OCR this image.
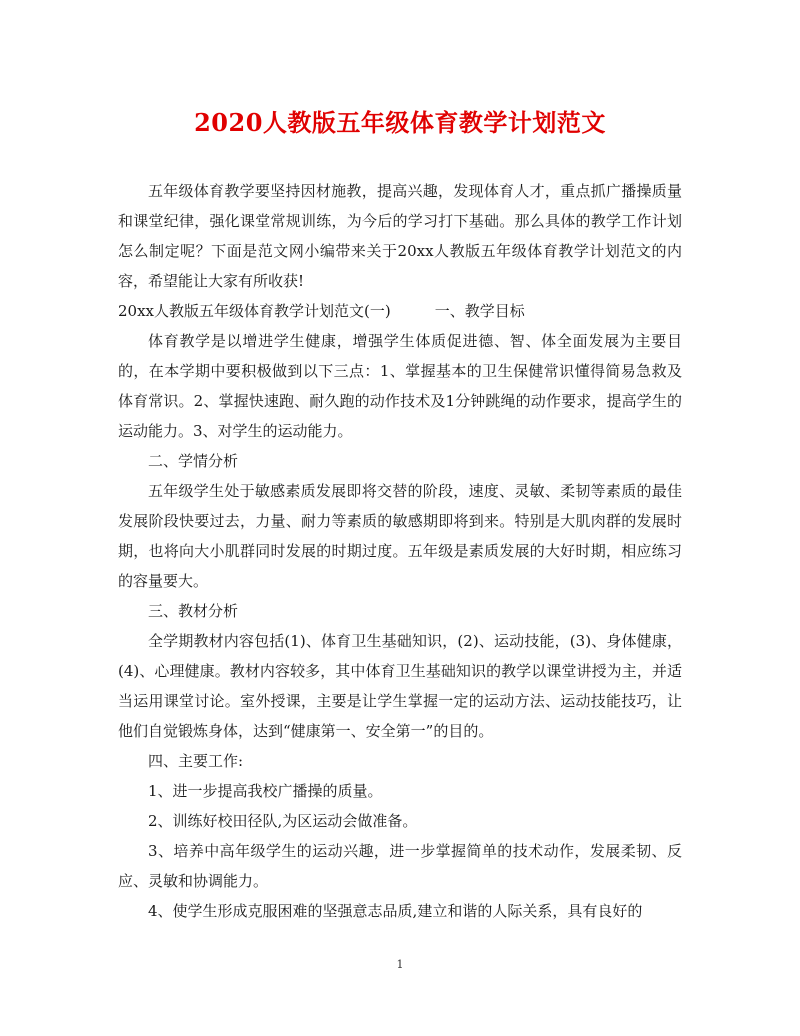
2020人教版五年级体育教学计划范文

五年级体育教学要坚持因材施教，提高兴趣，发现体育人才，重点抓广播操质量和课堂纪律，强化课堂常规训练，为今后的学习打下基础。那么具体的教学工作计划怎么制定呢？下面是范文网小编带来关于20xx人教版五年级体育教学计划范文的内容，希望能让大家有所收获!

20xx人教版五年级体育教学计划范文(一)	一、教学目标

体育教学是以增进学生健康，增强学生体质促进德、智、体全面发展为主要目的，在本学期中要积极做到以下三点：1、掌握基本的卫生保健常识懂得简易急救及体育常识。2、掌握快速跑、耐久跑的动作技术及1分钟跳绳的动作要求，提高学生的运动能力。3、对学生的运动能力。

二、学情分析

五年级学生处于敏感素质发展即将交替的阶段，速度、灵敏、柔韧等素质的最佳发展阶段快要过去，力量、耐力等素质的敏感期即将到来。特别是大肌肉群的发展时期，也将向大小肌群同时发展的时期过度。五年级是素质发展的大好时期，相应练习的容量要大。

三、教材分析

全学期教材内容包括(1)、体育卫生基础知识，(2)、运动技能，(3)、身体健康，(4)、心理健康。教材内容较多，其中体育卫生基础知识的教学以课堂讲授为主，并适当运用课堂讨论。室外授课，主要是让学生掌握一定的运动方法、运动技能技巧，让他们自觉锻炼身体，达到“健康第一、安全第一”的目的。

四、主要工作:

1、进一步提高我校广播操的质量。

2、训练好校田径队,为区运动会做准备。

3、培养中高年级学生的运动兴趣，进一步掌握简单的技术动作，发展柔韧、反应、灵敏和协调能力。

4、使学生形成克服困难的坚强意志品质,建立和谐的人际关系，具有良好的

1
